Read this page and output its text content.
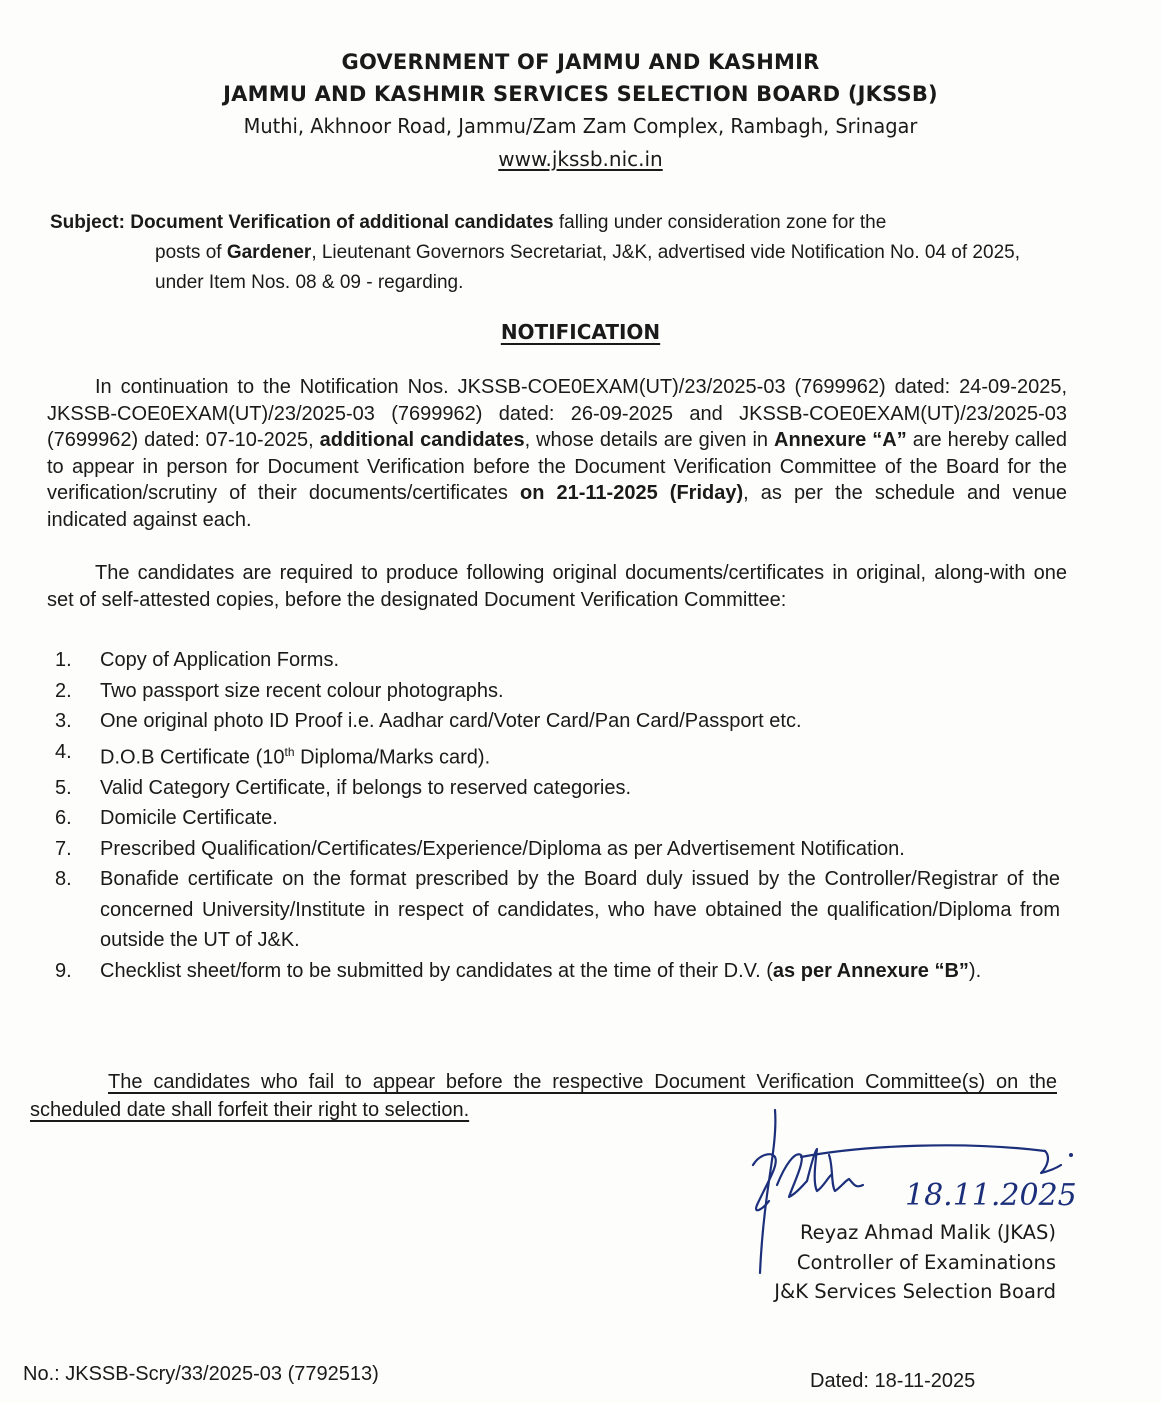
GOVERNMENT OF JAMMU AND KASHMIR
JAMMU AND KASHMIR SERVICES SELECTION BOARD (JKSSB)
Muthi, Akhnoor Road, Jammu/Zam Zam Complex, Rambagh, Srinagar
www.jkssb.nic.in
Subject: Document Verification of additional candidates falling under consideration zone for the
posts of Gardener, Lieutenant Governors Secretariat, J&K, advertised vide Notification No. 04 of 2025, under Item Nos. 08 & 09 - regarding.
NOTIFICATION
In continuation to the Notification Nos. JKSSB-COE0EXAM(UT)/23/2025-03 (7699962) dated: 24-09-2025, JKSSB-COE0EXAM(UT)/23/2025-03 (7699962) dated: 26-09-2025 and JKSSB-COE0EXAM(UT)/23/2025-03 (7699962) dated: 07-10-2025, additional candidates, whose details are given in Annexure “A” are hereby called to appear in person for Document Verification before the Document Verification Committee of the Board for the verification/scrutiny of their documents/certificates on 21-11-2025 (Friday), as per the schedule and venue indicated against each.
The candidates are required to produce following original documents/certificates in original, along-with one set of self-attested copies, before the designated Document Verification Committee:
1.	Copy of Application Forms.
2.	Two passport size recent colour photographs.
3.	One original photo ID Proof i.e. Aadhar card/Voter Card/Pan Card/Passport etc.
4.	D.O.B Certificate (10th Diploma/Marks card).
5.	Valid Category Certificate, if belongs to reserved categories.
6.	Domicile Certificate.
7.	Prescribed Qualification/Certificates/Experience/Diploma as per Advertisement Notification.
8.	Bonafide certificate on the format prescribed by the Board duly issued by the Controller/Registrar of the concerned University/Institute in respect of candidates, who have obtained the qualification/Diploma from outside the UT of J&K.
9.	Checklist sheet/form to be submitted by candidates at the time of their D.V. (as per Annexure “B”).
The candidates who fail to appear before the respective Document Verification Committee(s) on the scheduled date shall forfeit their right to selection.
18.11.2025
Reyaz Ahmad Malik (JKAS)
Controller of Examinations
J&K Services Selection Board
No.: JKSSB-Scry/33/2025-03 (7792513)	Dated: 18-11-2025
